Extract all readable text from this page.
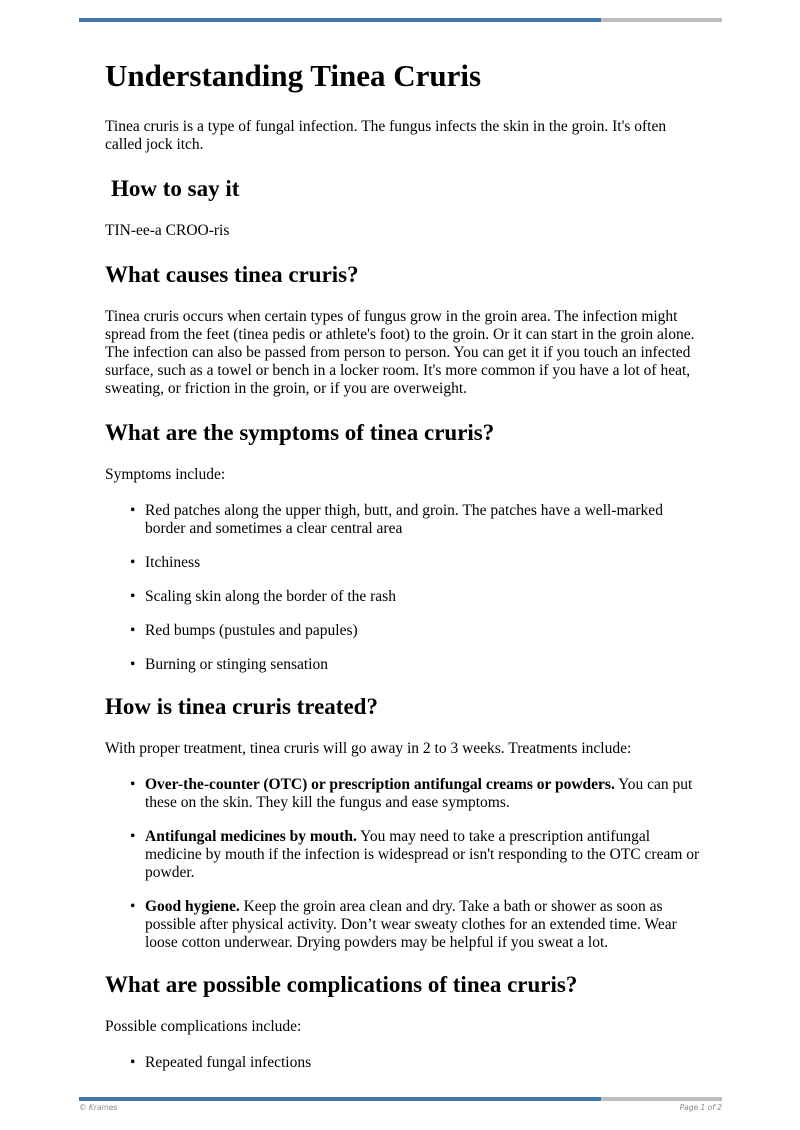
Understanding Tinea Cruris

Tinea cruris is a type of fungal infection. The fungus infects the skin in the groin. It's often called jock itch.

How to say it

TIN-ee-a CROO-ris

What causes tinea cruris?

Tinea cruris occurs when certain types of fungus grow in the groin area. The infection might spread from the feet (tinea pedis or athlete's foot) to the groin. Or it can start in the groin alone. The infection can also be passed from person to person. You can get it if you touch an infected surface, such as a towel or bench in a locker room. It's more common if you have a lot of heat, sweating, or friction in the groin, or if you are overweight.

What are the symptoms of tinea cruris?

Symptoms include:

• Red patches along the upper thigh, butt, and groin. The patches have a well-marked border and sometimes a clear central area
• Itchiness
• Scaling skin along the border of the rash
• Red bumps (pustules and papules)
• Burning or stinging sensation
How is tinea cruris treated?

With proper treatment, tinea cruris will go away in 2 to 3 weeks. Treatments include:

• Over-the-counter (OTC) or prescription antifungal creams or powders. You can put these on the skin. They kill the fungus and ease symptoms.
• Antifungal medicines by mouth. You may need to take a prescription antifungal medicine by mouth if the infection is widespread or isn't responding to the OTC cream or powder.
• Good hygiene. Keep the groin area clean and dry. Take a bath or shower as soon as possible after physical activity. Don’t wear sweaty clothes for an extended time. Wear loose cotton underwear. Drying powders may be helpful if you sweat a lot.
What are possible complications of tinea cruris?

Possible complications include:

• Repeated fungal infections
© Krames	Page 1 of 2
